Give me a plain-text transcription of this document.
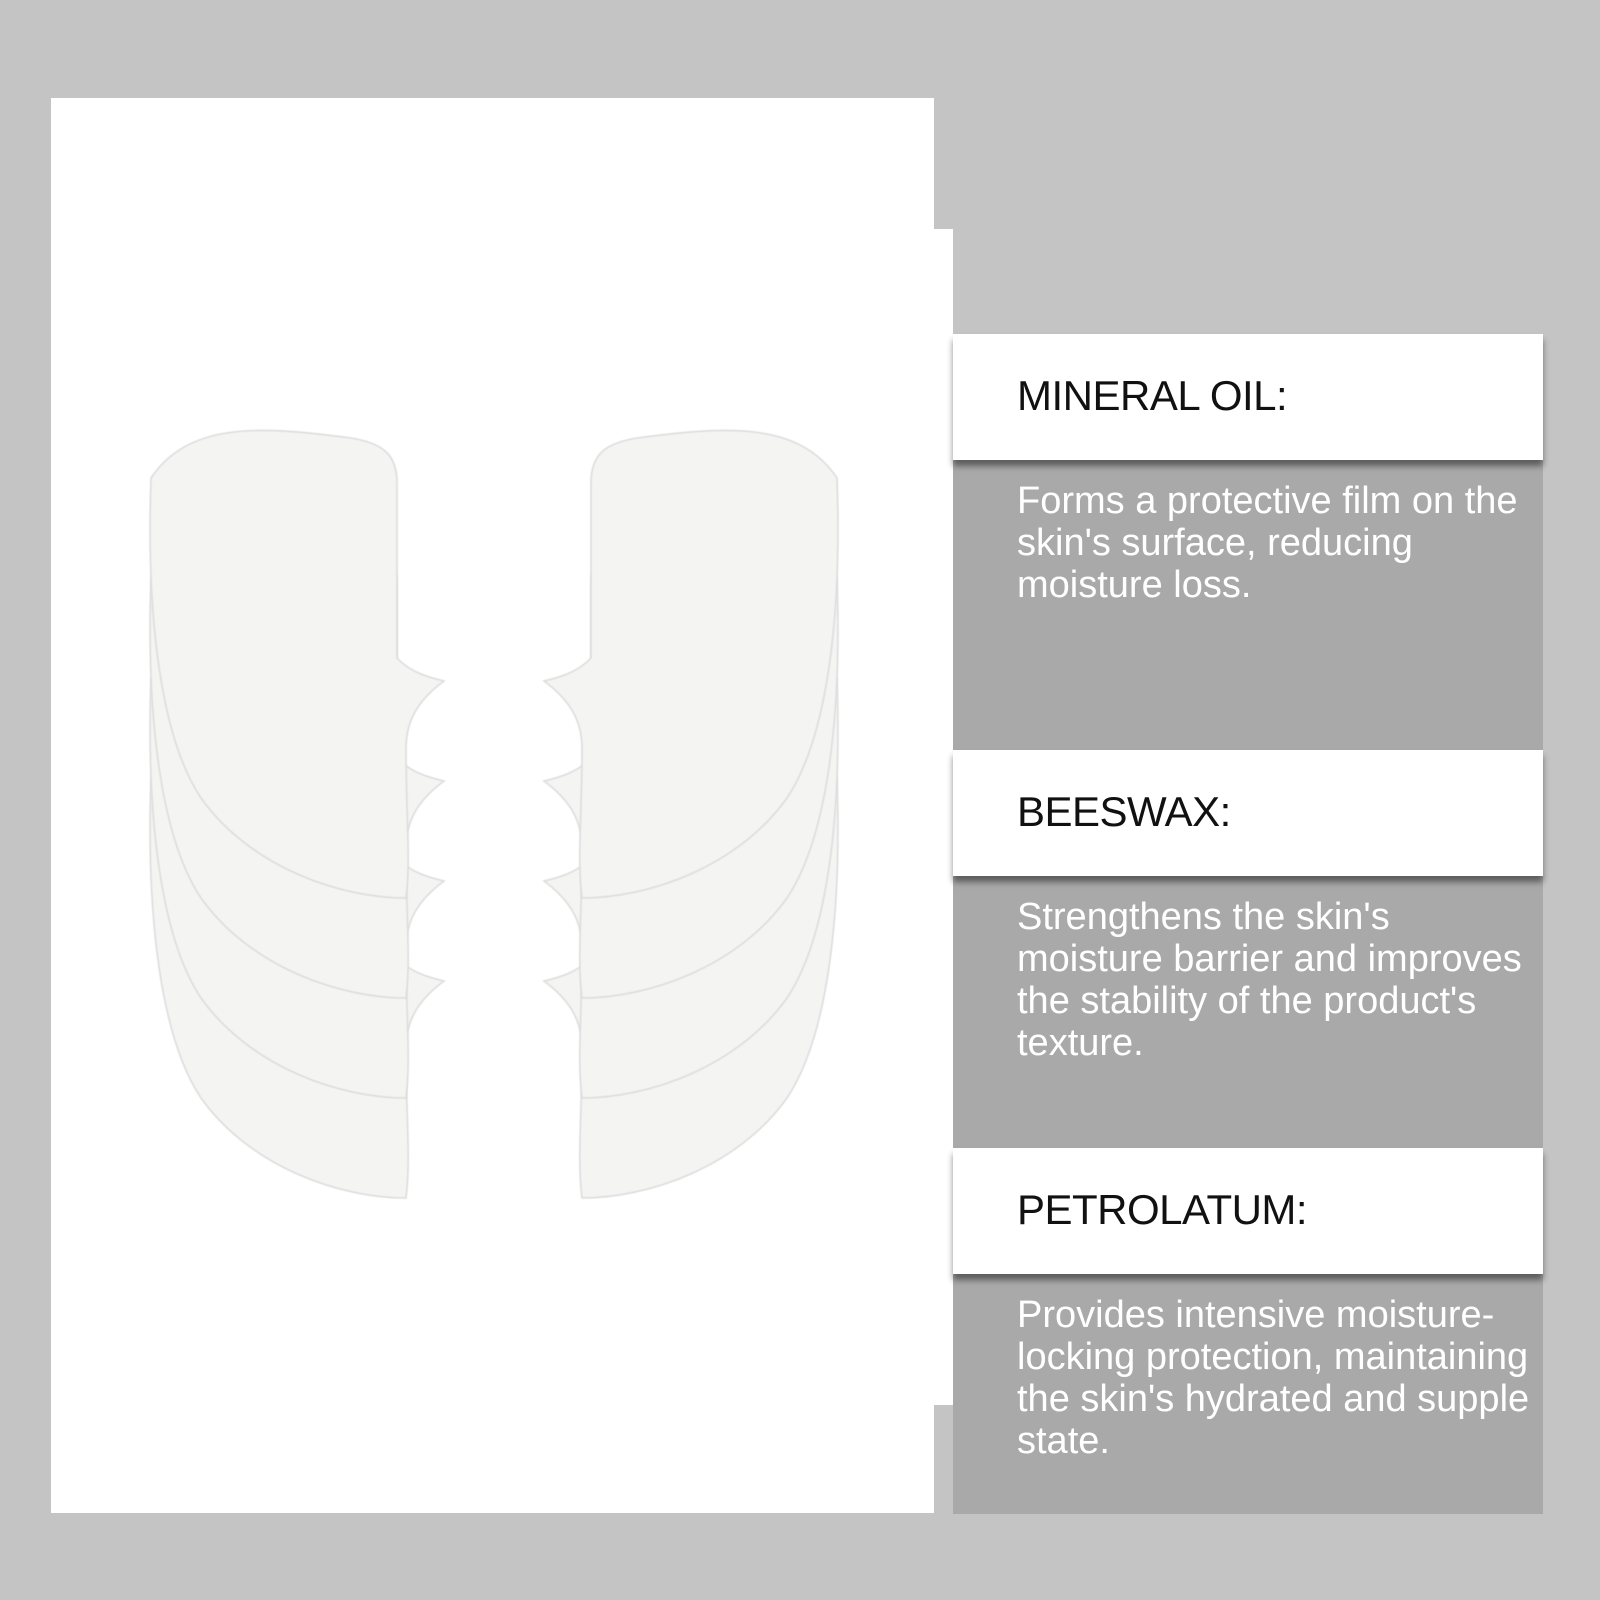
MINERAL OIL:
Forms a protective film on the skin's surface, reducing moisture loss.
BEESWAX:
Strengthens the skin's moisture barrier and improves the stability of the product's texture.
PETROLATUM:
Provides intensive moisture-locking protection, maintaining the skin's hydrated and supple state.
